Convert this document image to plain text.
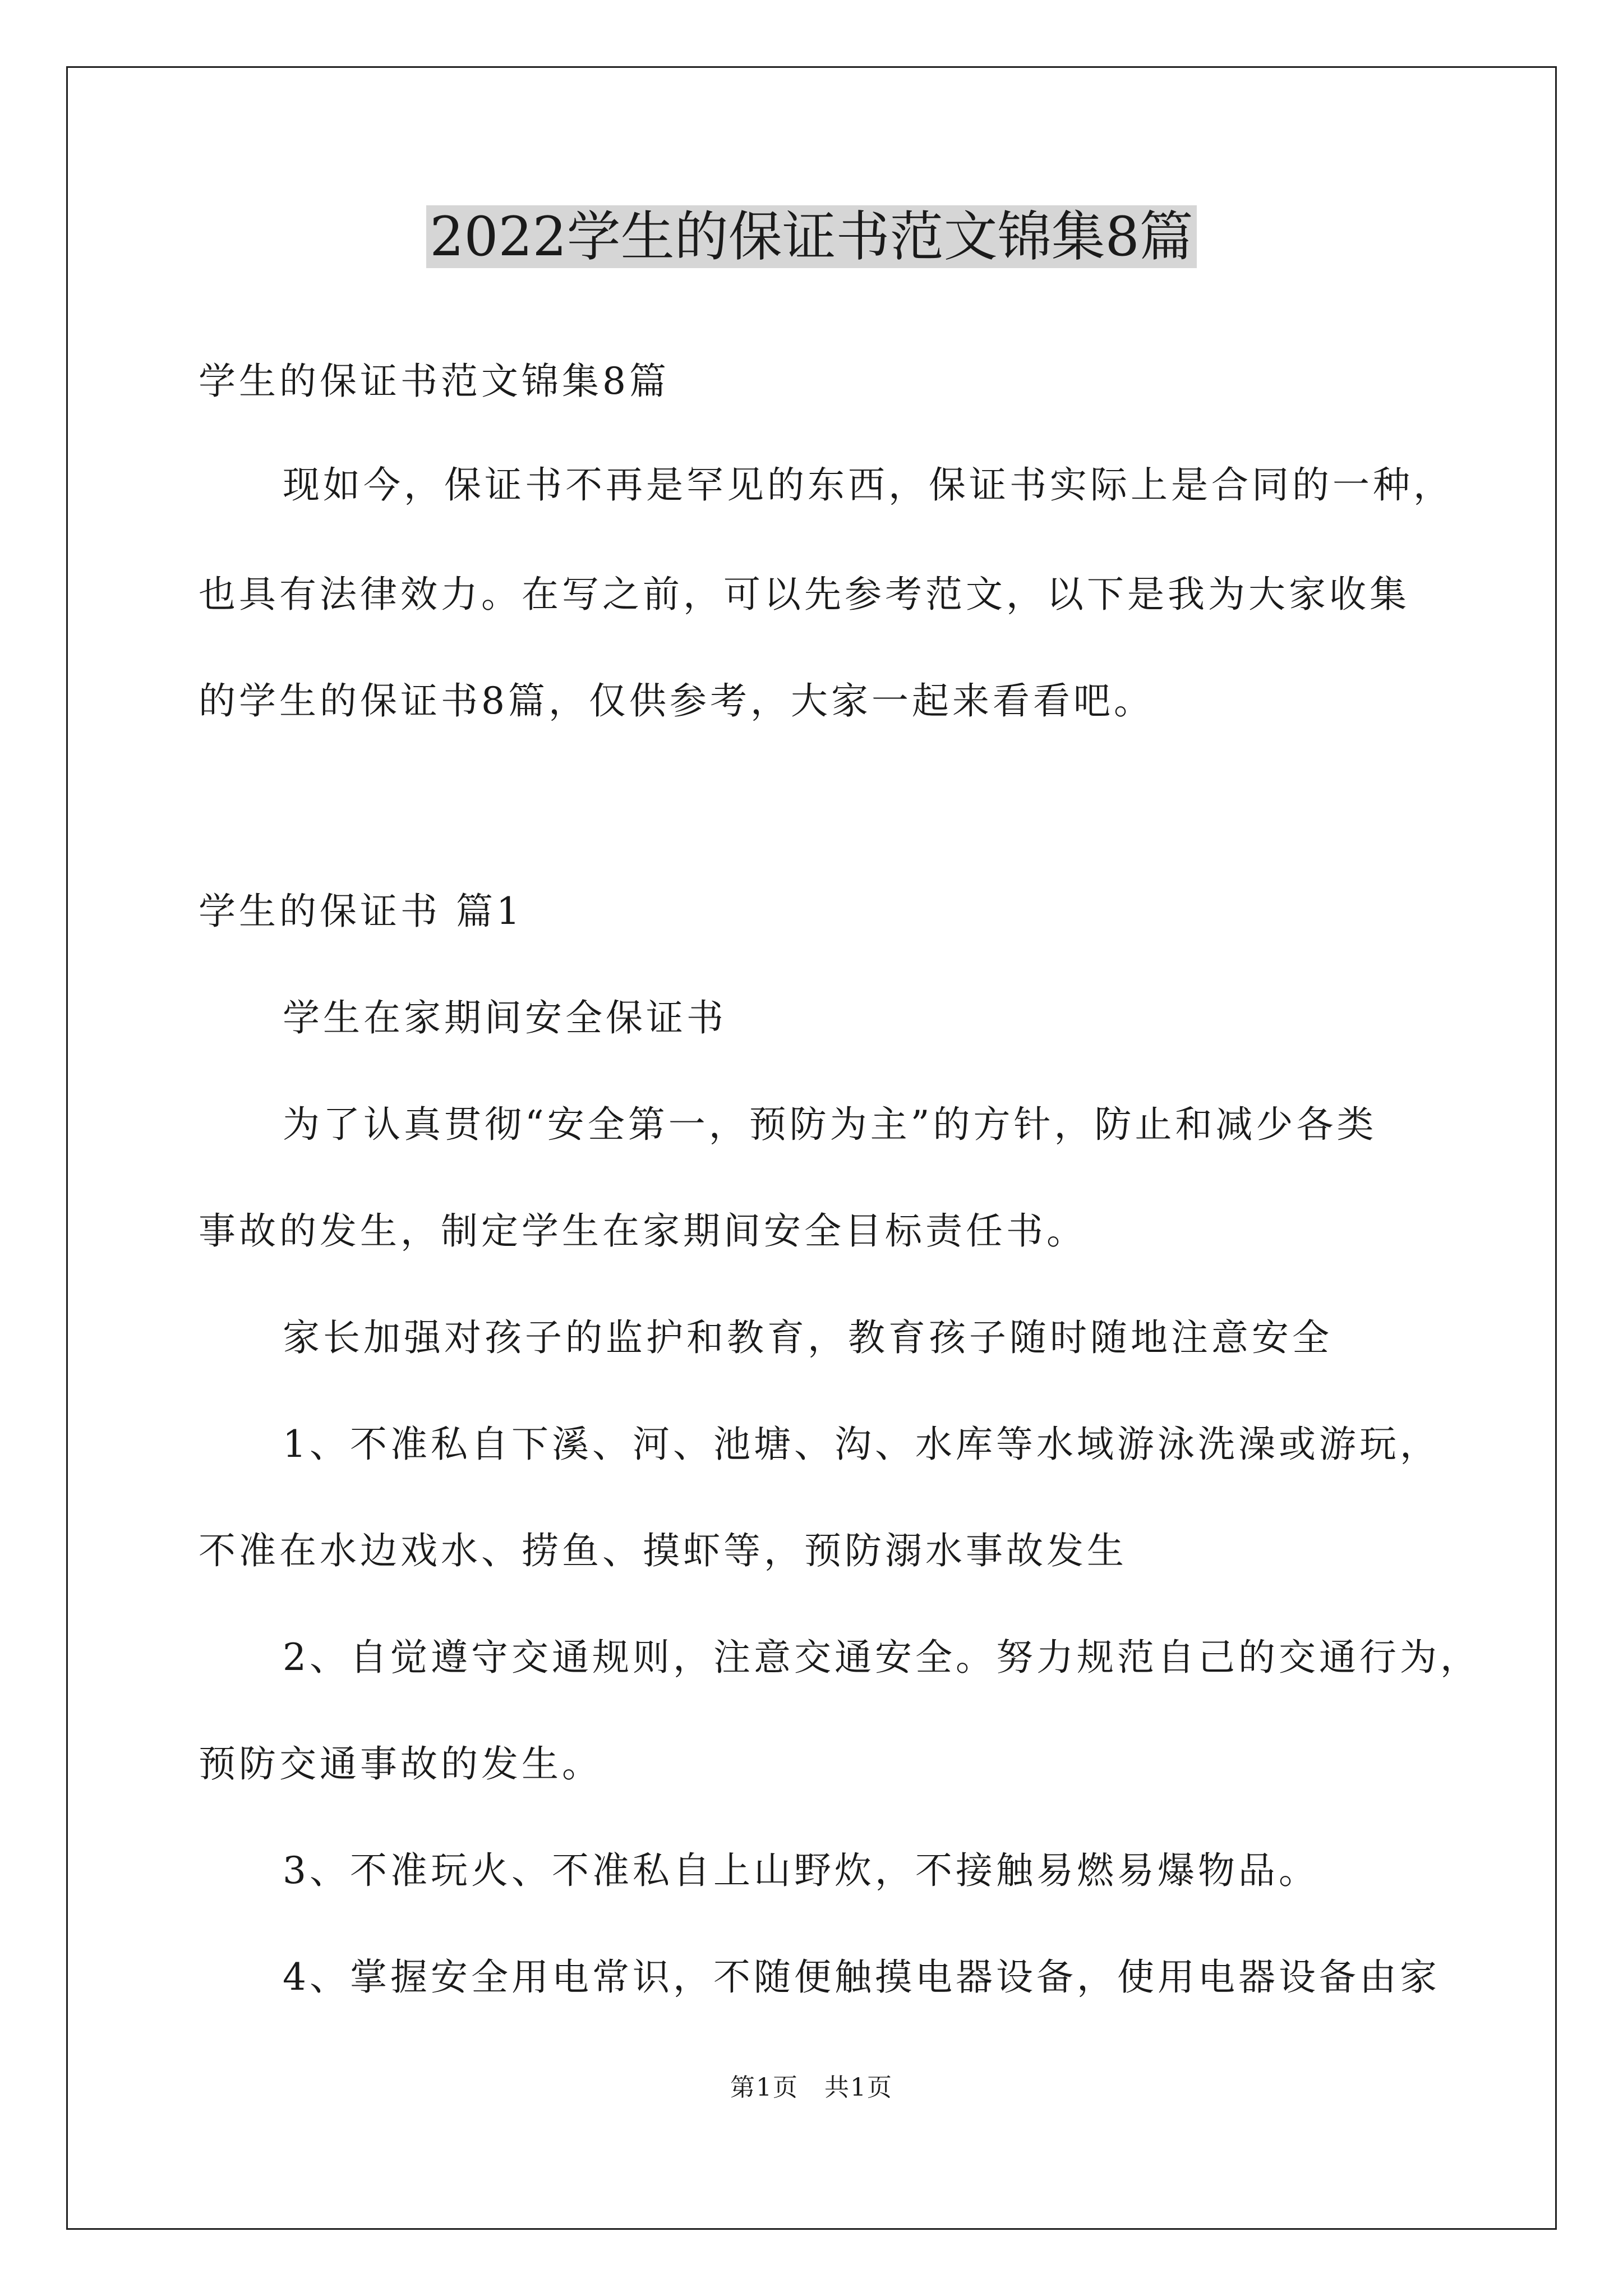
2022学生的保证书范文锦集8篇
学生的保证书范文锦集8篇
现如今，保证书不再是罕见的东西，保证书实际上是合同的一种，
也具有法律效力。在写之前，可以先参考范文，以下是我为大家收集
的学生的保证书8篇，仅供参考，大家一起来看看吧。
学生的保证书 篇1
学生在家期间安全保证书
为了认真贯彻“安全第一，预防为主”的方针，防止和减少各类
事故的发生，制定学生在家期间安全目标责任书。
家长加强对孩子的监护和教育，教育孩子随时随地注意安全
1、不准私自下溪、河、池塘、沟、水库等水域游泳洗澡或游玩，
不准在水边戏水、捞鱼、摸虾等，预防溺水事故发生
2、自觉遵守交通规则，注意交通安全。努力规范自己的交通行为，
预防交通事故的发生。
3、不准玩火、不准私自上山野炊，不接触易燃易爆物品。
4、掌握安全用电常识，不随便触摸电器设备，使用电器设备由家
第1页　共1页
